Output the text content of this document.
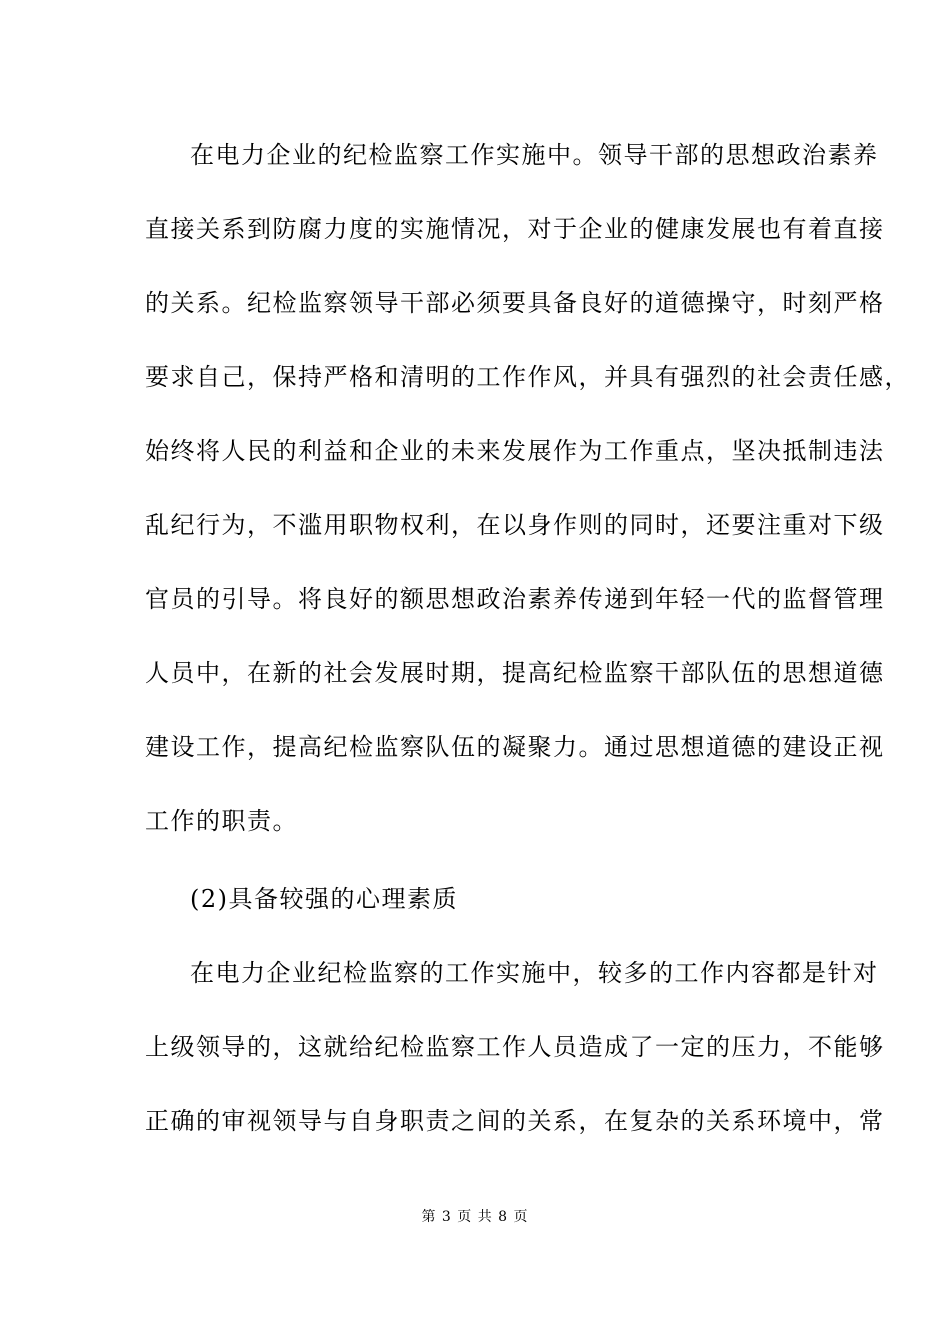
在电力企业的纪检监察工作实施中。领导干部的思想政治素养
直接关系到防腐力度的实施情况，对于企业的健康发展也有着直接
的关系。纪检监察领导干部必须要具备良好的道德操守，时刻严格
要求自己，保持严格和清明的工作作风，并具有强烈的社会责任感，
始终将人民的利益和企业的未来发展作为工作重点，坚决抵制违法
乱纪行为，不滥用职物权利，在以身作则的同时，还要注重对下级
官员的引导。将良好的额思想政治素养传递到年轻一代的监督管理
人员中，在新的社会发展时期，提高纪检监察干部队伍的思想道德
建设工作，提高纪检监察队伍的凝聚力。通过思想道德的建设正视
工作的职责。
(2)具备较强的心理素质
在电力企业纪检监察的工作实施中，较多的工作内容都是针对
上级领导的，这就给纪检监察工作人员造成了一定的压力，不能够
正确的审视领导与自身职责之间的关系，在复杂的关系环境中，常
第 3 页 共 8 页
